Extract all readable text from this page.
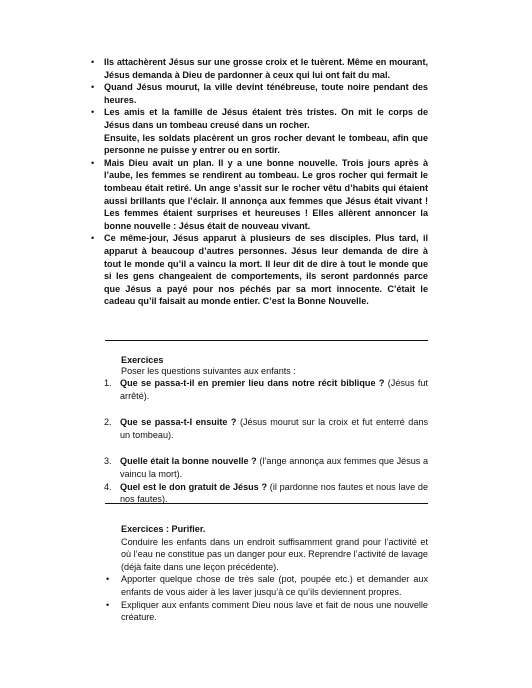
• Ils attachèrent Jésus sur une grosse croix et le tuèrent. Même en mourant, Jésus demanda à Dieu de pardonner à ceux qui lui ont fait du mal.
• Quand Jésus mourut, la ville devint ténébreuse, toute noire pendant des heures.
• Les amis et la famille de Jésus étaient très tristes. On mit le corps de Jésus dans un tombeau creusé dans un rocher.
Ensuite, les soldats placèrent un gros rocher devant le tombeau, afin que personne ne puisse y entrer ou en sortir.
• Mais Dieu avait un plan. Il y a une bonne nouvelle. Trois jours après à l’aube, les femmes se rendirent au tombeau. Le gros rocher qui fermait le tombeau était retiré. Un ange s’assit sur le rocher vêtu d’habits qui étaient aussi brillants que l’éclair. Il annonça aux femmes que Jésus était vivant ! Les femmes étaient surprises et heureuses ! Elles allèrent annoncer la bonne nouvelle : Jésus était de nouveau vivant.
• Ce même-jour, Jésus apparut à plusieurs de ses disciples. Plus tard, il apparut à beaucoup d’autres personnes. Jésus leur demanda de dire à tout le monde qu’il a vaincu la mort. Il leur dit de dire à tout le monde que si les gens changeaient de comportements, ils seront pardonnés parce que Jésus a payé pour nos péchés par sa mort innocente. C’était le cadeau qu’il faisait au monde entier. C’est la Bonne Nouvelle.
Exercices
Poser les questions suivantes aux enfants :
1. Que se passa-t-il en premier lieu dans notre récit biblique ? (Jésus fut arrêté).
2. Que se passa-t-I ensuite ? (Jésus mourut sur la croix et fut enterré dans un tombeau).
3. Quelle était la bonne nouvelle ? (l’ange annonça aux femmes que Jésus a vaincu la mort).
4. Quel est le don gratuit de Jésus ? (il pardonne nos fautes et nous lave de nos fautes).
Exercices : Purifier.
Conduire les enfants dans un endroit suffisamment grand pour l’activité et où l’eau ne constitue pas un danger pour eux. Reprendre l’activité de lavage (déjà faite dans une leçon précédente).
• Apporter quelque chose de très sale (pot, poupée etc.) et demander aux enfants de vous aider à les laver jusqu’à ce qu’ils deviennent propres.
• Expliquer aux enfants comment Dieu nous lave et fait de nous une nouvelle créature.
